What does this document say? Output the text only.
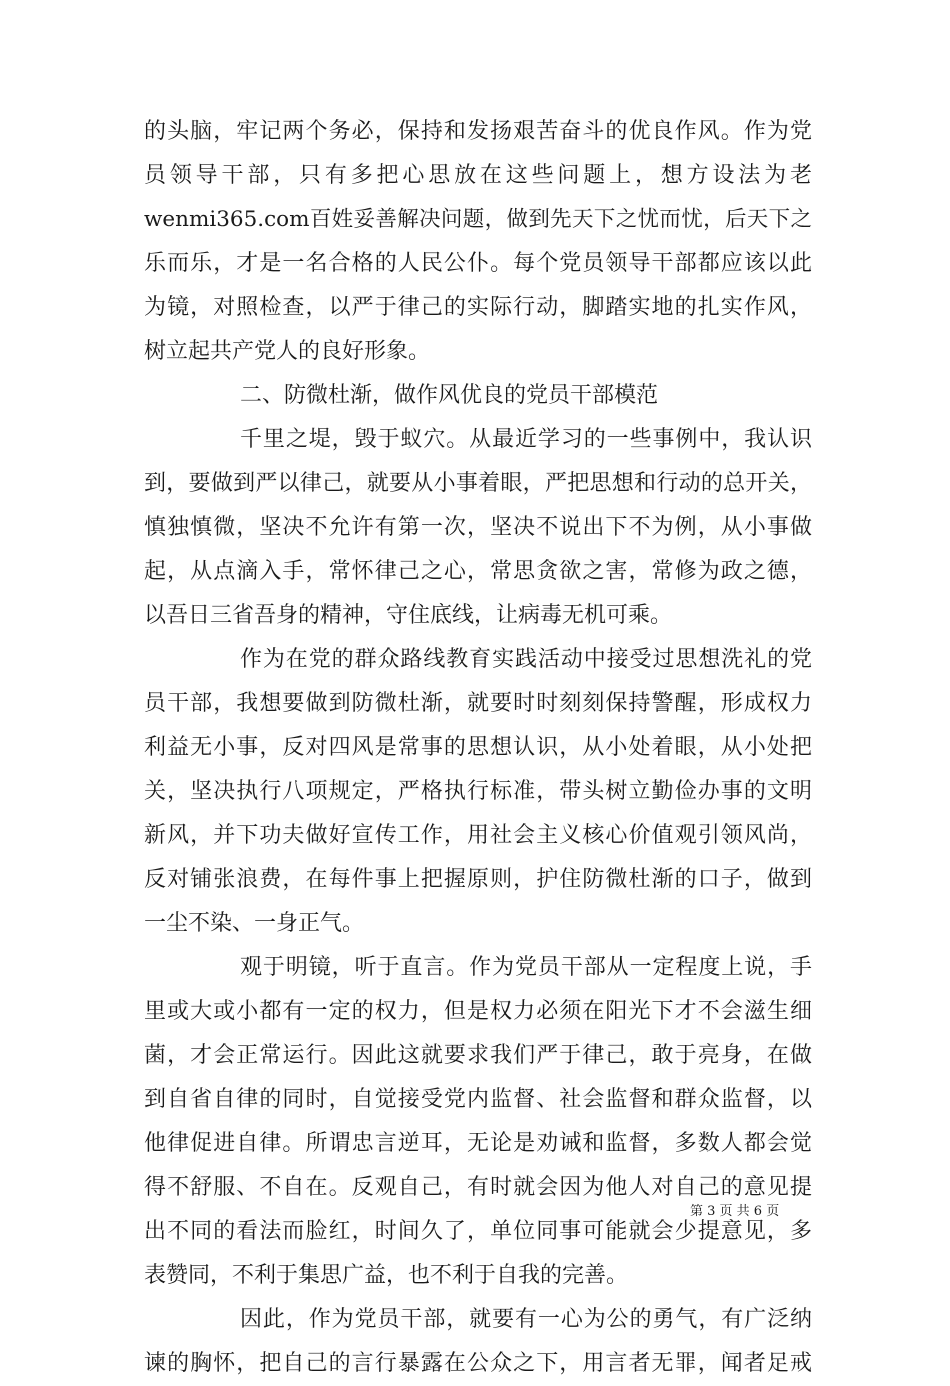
的头脑，牢记两个务必，保持和发扬艰苦奋斗的优良作风。作为党
员领导干部，只有多把心思放在这些问题上，想方设法为老
wenmi365.com百姓妥善解决问题，做到先天下之忧而忧，后天下之
乐而乐，才是一名合格的人民公仆。每个党员领导干部都应该以此
为镜，对照检查，以严于律己的实际行动，脚踏实地的扎实作风，
树立起共产党人的良好形象。
二、防微杜渐，做作风优良的党员干部模范
千里之堤，毁于蚁穴。从最近学习的一些事例中，我认识
到，要做到严以律己，就要从小事着眼，严把思想和行动的总开关，
慎独慎微，坚决不允许有第一次，坚决不说出下不为例，从小事做
起，从点滴入手，常怀律己之心，常思贪欲之害，常修为政之德，
以吾日三省吾身的精神，守住底线，让病毒无机可乘。
作为在党的群众路线教育实践活动中接受过思想洗礼的党
员干部，我想要做到防微杜渐，就要时时刻刻保持警醒，形成权力
利益无小事，反对四风是常事的思想认识，从小处着眼，从小处把
关，坚决执行八项规定，严格执行标准，带头树立勤俭办事的文明
新风，并下功夫做好宣传工作，用社会主义核心价值观引领风尚，
反对铺张浪费，在每件事上把握原则，护住防微杜渐的口子，做到
一尘不染、一身正气。
观于明镜，听于直言。作为党员干部从一定程度上说，手
里或大或小都有一定的权力，但是权力必须在阳光下才不会滋生细
菌，才会正常运行。因此这就要求我们严于律己，敢于亮身，在做
到自省自律的同时，自觉接受党内监督、社会监督和群众监督，以
他律促进自律。所谓忠言逆耳，无论是劝诫和监督，多数人都会觉
得不舒服、不自在。反观自己，有时就会因为他人对自己的意见提
出不同的看法而脸红，时间久了，单位同事可能就会少提意见，多
表赞同，不利于集思广益，也不利于自我的完善。
因此，作为党员干部，就要有一心为公的勇气，有广泛纳
谏的胸怀，把自己的言行暴露在公众之下，用言者无罪，闻者足戒
第 3 页 共 6 页
